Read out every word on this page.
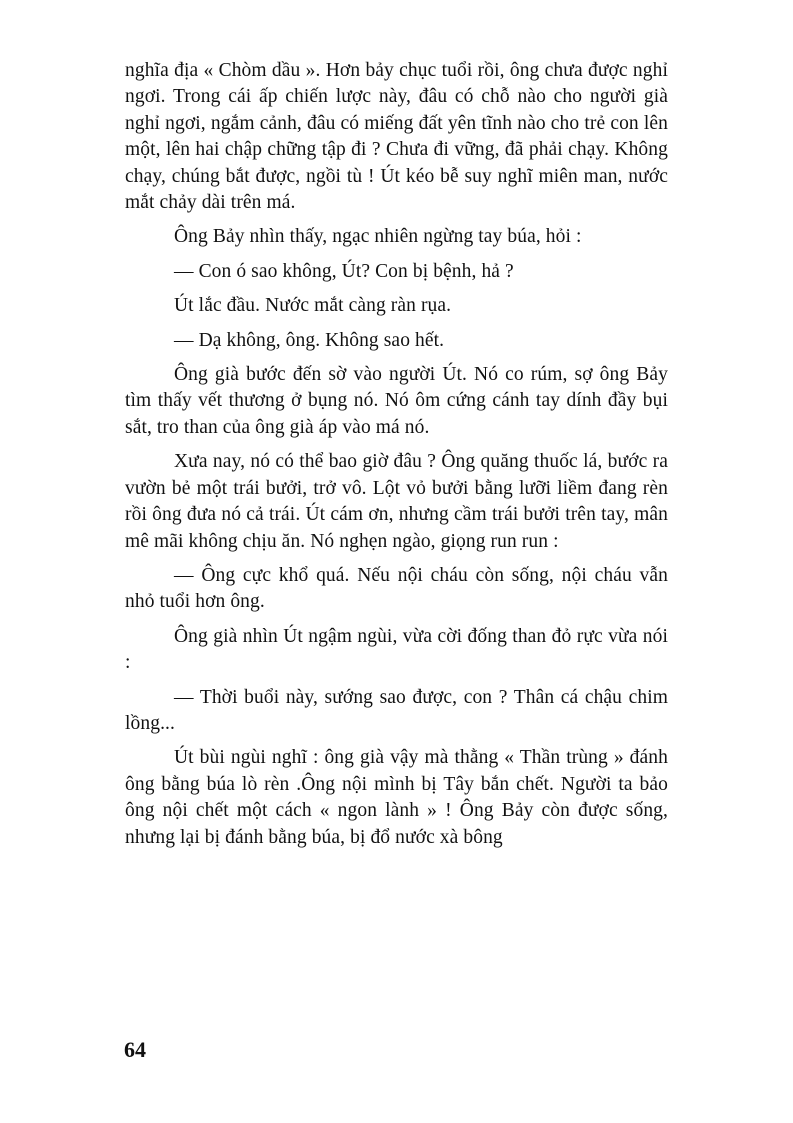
nghĩa địa « Chòm dầu ». Hơn bảy chục tuổi rồi, ông chưa được nghỉ ngơi. Trong cái ấp chiến lược này, đâu có chỗ nào cho người già nghỉ ngơi, ngắm cảnh, đâu có miếng đất yên tĩnh nào cho trẻ con lên một, lên hai chập chững tập đi ? Chưa đi vững, đã phải chạy. Không chạy, chúng bắt được, ngồi tù ! Út kéo bễ suy nghĩ miên man, nước mắt chảy dài trên má.

Ông Bảy nhìn thấy, ngạc nhiên ngừng tay búa, hỏi :

— Con ó sao không, Út? Con bị bệnh, hả ?

Út lắc đầu. Nước mắt càng ràn rụa.

— Dạ không, ông. Không sao hết.

Ông già bước đến sờ vào người Út. Nó co rúm, sợ ông Bảy tìm thấy vết thương ở bụng nó. Nó ôm cứng cánh tay dính đầy bụi sắt, tro than của ông già áp vào má nó.

Xưa nay, nó có thể bao giờ đâu ? Ông quăng thuốc lá, bước ra vườn bẻ một trái bưởi, trở vô. Lột vỏ bưởi bằng lưỡi liềm đang rèn rồi ông đưa nó cả trái. Út cám ơn, nhưng cầm trái bưởi trên tay, mân mê mãi không chịu ăn. Nó nghẹn ngào, giọng run run :

— Ông cực khổ quá. Nếu nội cháu còn sống, nội cháu vẫn nhỏ tuổi hơn ông.

Ông già nhìn Út ngậm ngùi, vừa cời đống than đỏ rực vừa nói :

— Thời buổi này, sướng sao được, con ? Thân cá chậu chim lồng...

Út bùi ngùi nghĩ : ông già vậy mà thằng « Thần trùng » đánh ông bằng búa lò rèn .Ông nội mình bị Tây bắn chết. Người ta bảo ông nội chết một cách « ngon lành » ! Ông Bảy còn được sống, nhưng lại bị đánh bằng búa, bị đổ nước xà bông

64
